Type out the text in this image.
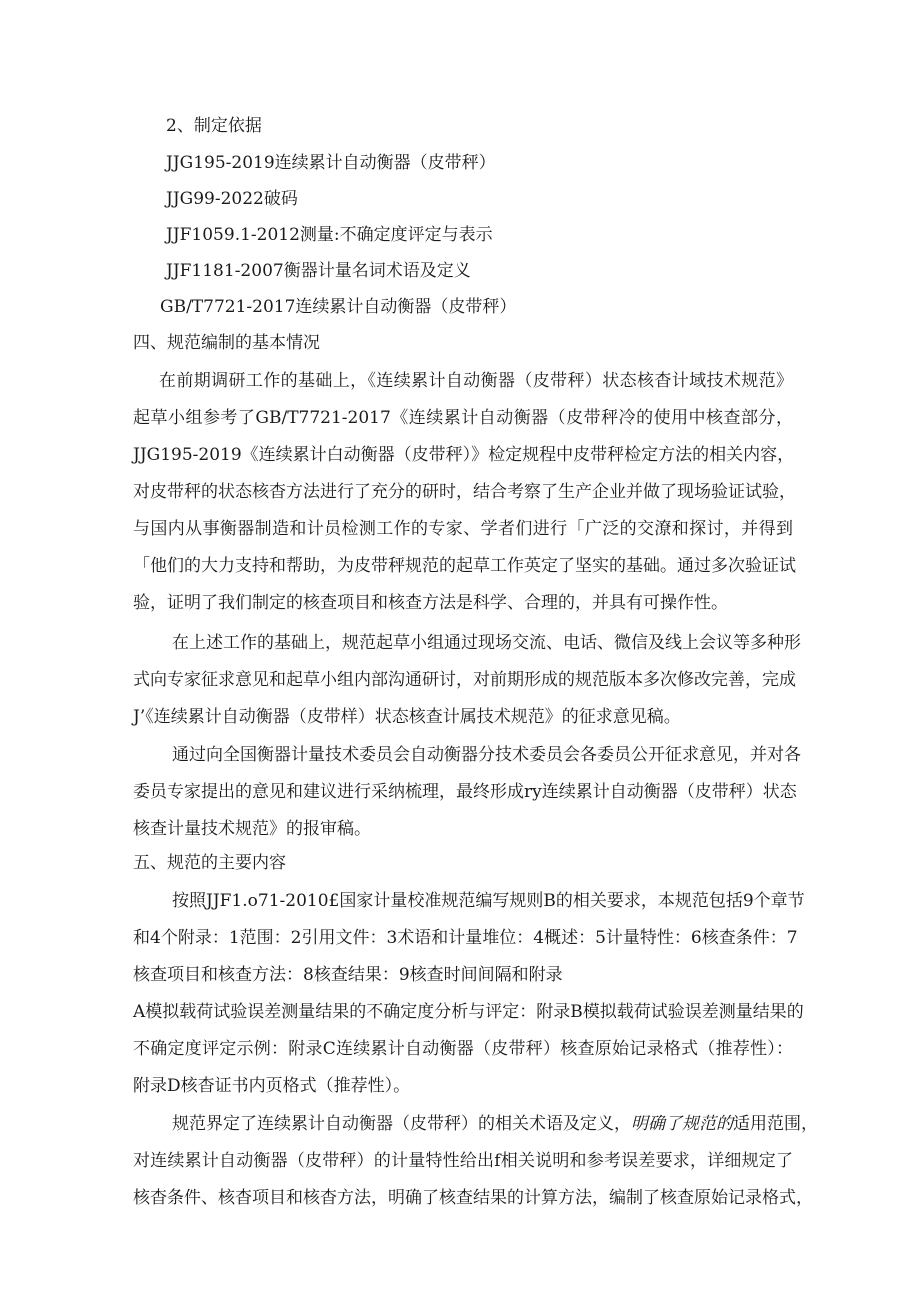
2、制定依据

JJG195-2019连续累计自动衡器（皮带秤）

JJG99-2022破码

JJF1059.1-2012测量:不确定度评定与表示

JJF1181-2007衡器计量名词术语及定义

GB/T7721-2017连续累计自动衡器（皮带秤）

四、规范编制的基本情况

在前期调研工作的基础上，《连续累计自动衡器（皮带秤）状态核杳计域技术规范》

起草小组参考了GB/T7721-2017《连续累计自动衡器（皮带秤冷的使用中核查部分，

JJG195-2019《连续累计白动衡器（皮带秤）》检定规程中皮带秤检定方法的相关内容，

对皮带秤的状态核杳方法进行了充分的研时，结合考察了生产企业并做了现场验证试验，

与国内从事衡器制造和计员检测工作的专家、学者们进行「广泛的交潦和探讨，并得到

「他们的大力支持和帮助，为皮带秤规范的起草工作英定了坚实的基础。通过多次验证试

验，证明了我们制定的核查项目和核查方法是科学、合理的，并具有可操作性。

在上述工作的基础上，规范起草小组通过现场交流、电话、微信及线上会议等多种形

式向专家征求意见和起草小组内部沟通研讨，对前期形成的规范版本多次修改完善，完成

J’《连续累计自动衡器（皮带样）状态核查计属技术规范》的征求意见稿。

通过向全国衡器计量技术委员会自动衡器分技术委员会各委员公开征求意见，并对各

委员专家提出的意见和建议进行采纳梳理，最终形成ry连续累计自动衡器（皮带秤）状态

核查计量技术规范》的报审稿。

五、规范的主要内容

按照JJF1.o71-2010£国家计量校准规范编写规则B的相关要求，本规范包括9个章节

和4个附录：1范围：2引用文件：3术语和计量堆位：4概述：5计量特性：6核查条件：7

核查项目和核查方法：8核查结果：9核查时间间隔和附录

A模拟载荷试验误差测量结果的不确定度分析与评定：附录B模拟载荷试验误差测量结果的

不确定度评定示例：附录C连续累计自动衡器（皮带秤）核查原始记录格式（推荐性）：

附录D核杳证书内页格式（推荐性）。

规范界定了连续累计自动衡器（皮带秤）的相关术语及定义，明确了规范的适用范围，

对连续累计自动衡器（皮带秤）的计量特性给出f相关说明和参考误差要求，详细规定了

核杳条件、核杳项目和核杳方法，明确了核查结果的计算方法，编制了核查原始记录格式，
